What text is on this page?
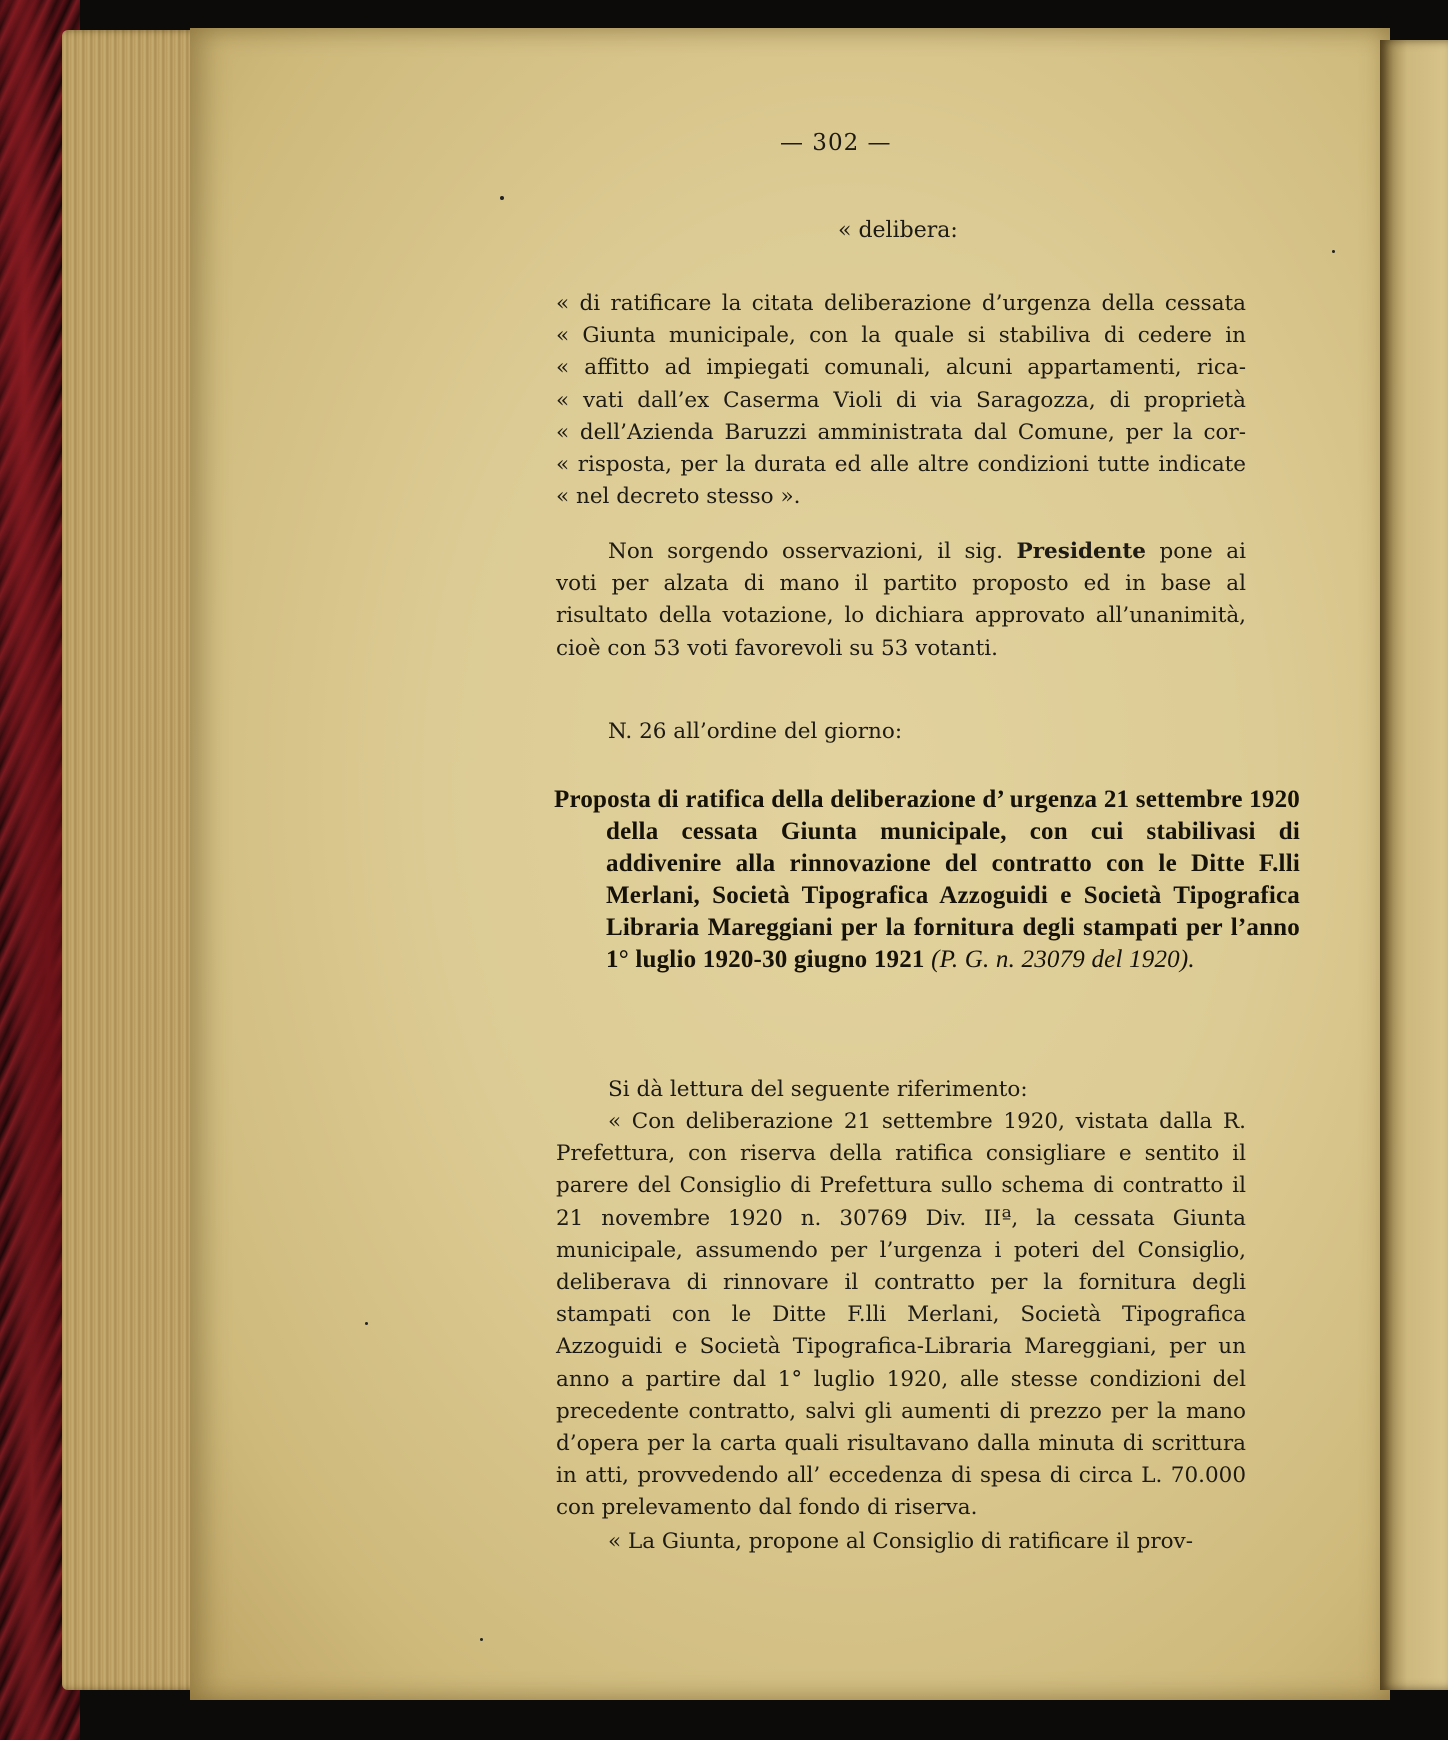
— 302 —
« delibera:
« di ratificare la citata deliberazione d’urgenza della cessata
« Giunta municipale, con la quale si stabiliva di cedere in
« affitto ad impiegati comunali, alcuni appartamenti, rica-
« vati dall’ex Caserma Violi di via Saragozza, di proprietà
« dell’Azienda Baruzzi amministrata dal Comune, per la cor-
« risposta, per la durata ed alle altre condizioni tutte indicate
« nel decreto stesso ».

Non sorgendo osservazioni, il sig. Presidente pone ai voti per alzata di mano il partito proposto ed in base al risultato della votazione, lo dichiara approvato all’unanimità, cioè con 53 voti favorevoli su 53 votanti.

N. 26 all’ordine del giorno:

Proposta di ratifica della deliberazione d’ urgenza 21 settembre 1920 della cessata Giunta municipale, con cui stabilivasi di addivenire alla rinnovazione del contratto con le Ditte F.lli Merlani, Società Tipografica Azzoguidi e Società Tipografica Libraria Mareggiani per la fornitura degli stampati per l’anno 1° luglio 1920-30 giugno 1921 (P. G. n. 23079 del 1920).

Si dà lettura del seguente riferimento:

« Con deliberazione 21 settembre 1920, vistata dalla R. Prefettura, con riserva della ratifica consigliare e sentito il parere del Consiglio di Prefettura sullo schema di contratto il 21 novembre 1920 n. 30769 Div. IIª, la cessata Giunta municipale, assumendo per l’urgenza i poteri del Consiglio, deliberava di rinnovare il contratto per la fornitura degli stampati con le Ditte F.lli Merlani, Società Tipografica Azzoguidi e Società Tipografica-Libraria Mareggiani, per un anno a partire dal 1° luglio 1920, alle stesse condizioni del precedente contratto, salvi gli aumenti di prezzo per la mano d’opera per la carta quali risultavano dalla minuta di scrittura in atti, provvedendo all’ eccedenza di spesa di circa L. 70.000 con prelevamento dal fondo di riserva.

« La Giunta, propone al Consiglio di ratificare il prov-
